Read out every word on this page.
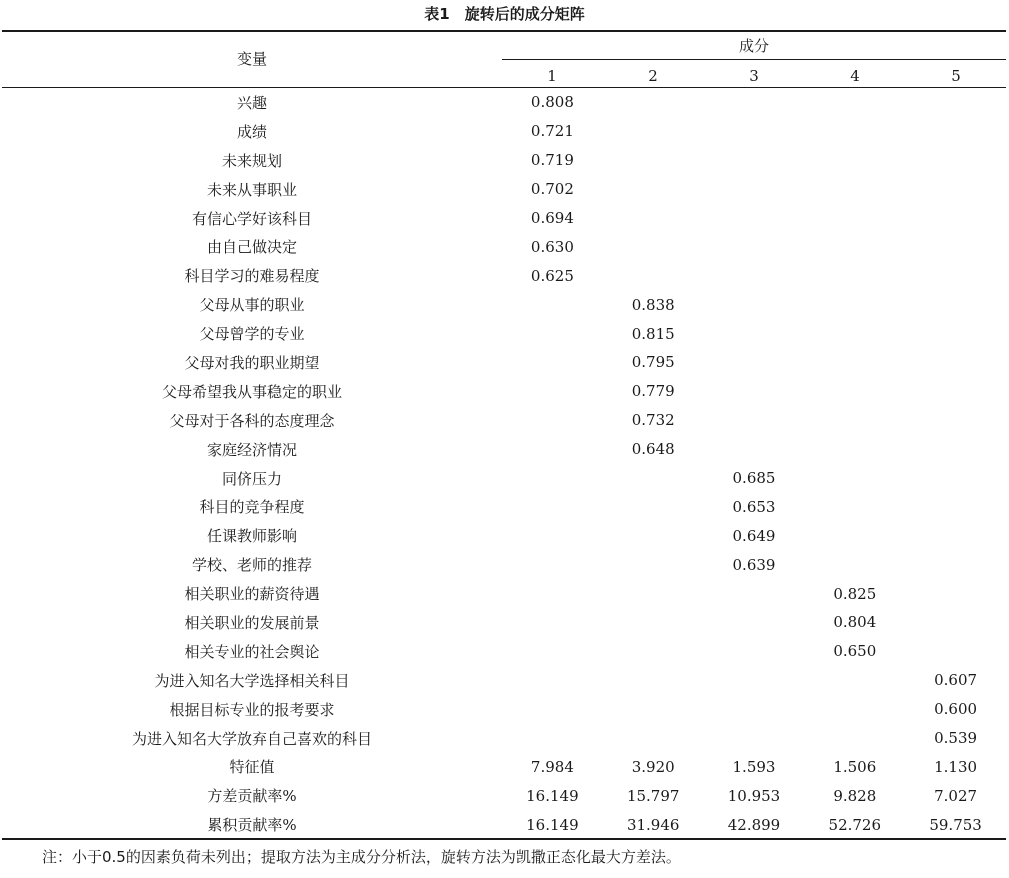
表1　旋转后的成分矩阵
变量
成分
1	2	3	4	5
兴趣	0.808				
成绩	0.721				
未来规划	0.719				
未来从事职业	0.702				
有信心学好该科目	0.694				
由自己做决定	0.630				
科目学习的难易程度	0.625				
父母从事的职业		0.838			
父母曾学的专业		0.815			
父母对我的职业期望		0.795			
父母希望我从事稳定的职业		0.779			
父母对于各科的态度理念		0.732			
家庭经济情况		0.648			
同侪压力			0.685		
科目的竞争程度			0.653		
任课教师影响			0.649		
学校、老师的推荐			0.639		
相关职业的薪资待遇				0.825	
相关职业的发展前景				0.804	
相关专业的社会舆论				0.650	
为进入知名大学选择相关科目					0.607
根据目标专业的报考要求					0.600
为进入知名大学放弃自己喜欢的科目					0.539
特征值	7.984	3.920	1.593	1.506	1.130
方差贡献率%	16.149	15.797	10.953	9.828	7.027
累积贡献率%	16.149	31.946	42.899	52.726	59.753
注：小于0.5的因素负荷未列出；提取方法为主成分分析法，旋转方法为凯撒正态化最大方差法。
